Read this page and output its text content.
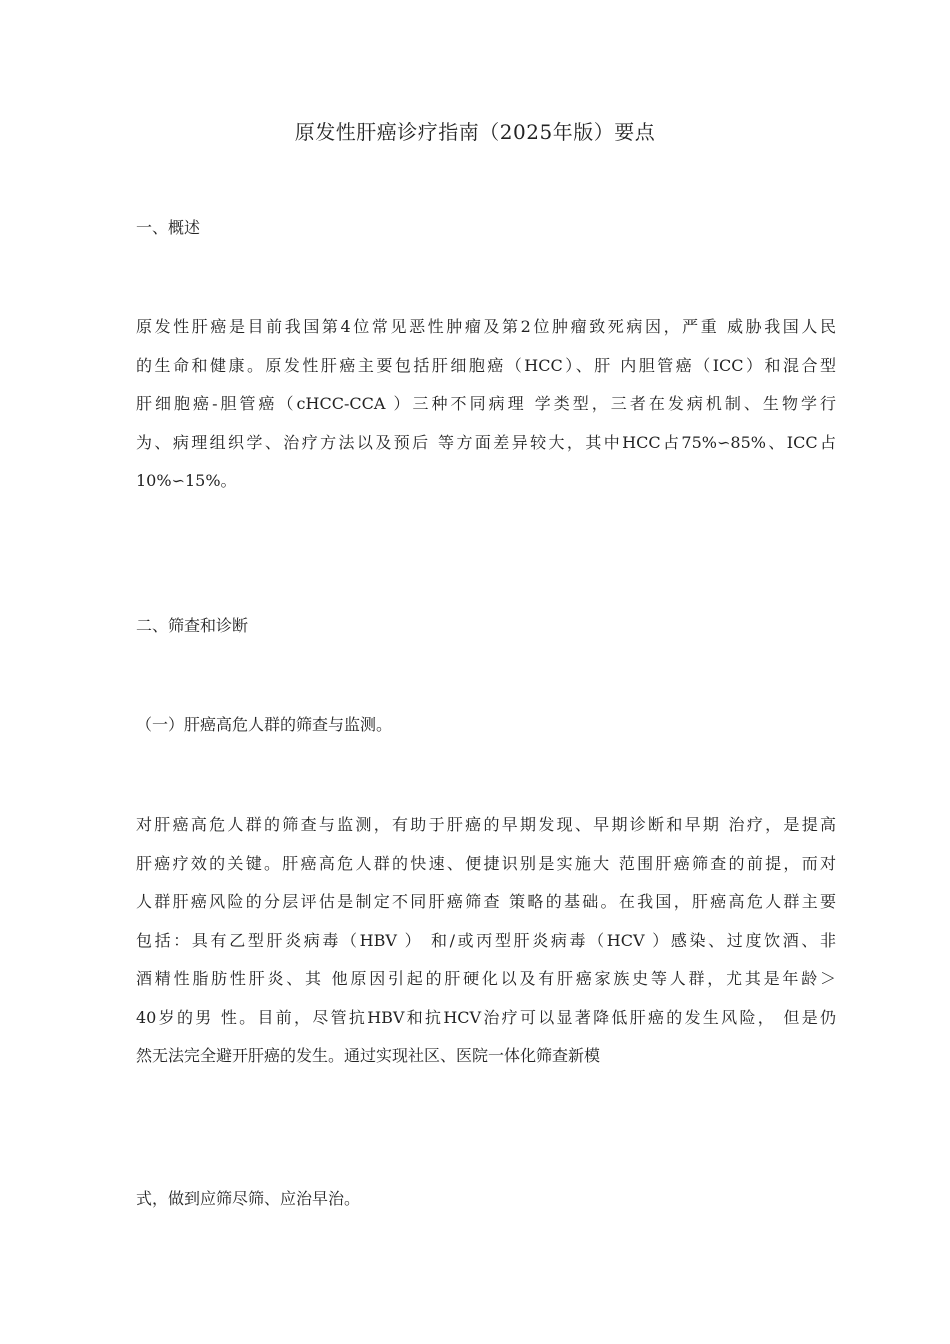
原发性肝癌诊疗指南（2025年版）要点
一、概述
原发性肝癌是目前我国第4位常见恶性肿瘤及第2位肿瘤致死病因，严重 威胁我国人民
的生命和健康。原发性肝癌主要包括肝细胞癌（HCC）、肝 内胆管癌（ICC）和混合型
肝细胞癌-胆管癌（cHCC-CCA ）三种不同病理 学类型，三者在发病机制、生物学行
为、病理组织学、治疗方法以及预后 等方面差异较大，其中HCC占75%∽85%、ICC占
10%∽15%。
二、筛查和诊断
（一）肝癌高危人群的筛查与监测。
对肝癌高危人群的筛查与监测，有助于肝癌的早期发现、早期诊断和早期 治疗，是提高
肝癌疗效的关键。肝癌高危人群的快速、便捷识别是实施大 范围肝癌筛查的前提，而对
人群肝癌风险的分层评估是制定不同肝癌筛查 策略的基础。在我国，肝癌高危人群主要
包括：具有乙型肝炎病毒（HBV ） 和/或丙型肝炎病毒（HCV ）感染、过度饮酒、非
酒精性脂肪性肝炎、其 他原因引起的肝硬化以及有肝癌家族史等人群，尤其是年龄＞
40岁的男 性。目前，尽管抗HBV和抗HCV治疗可以显著降低肝癌的发生风险， 但是仍
然无法完全避开肝癌的发生。通过实现社区、医院一体化筛查新模
式，做到应筛尽筛、应治早治。
